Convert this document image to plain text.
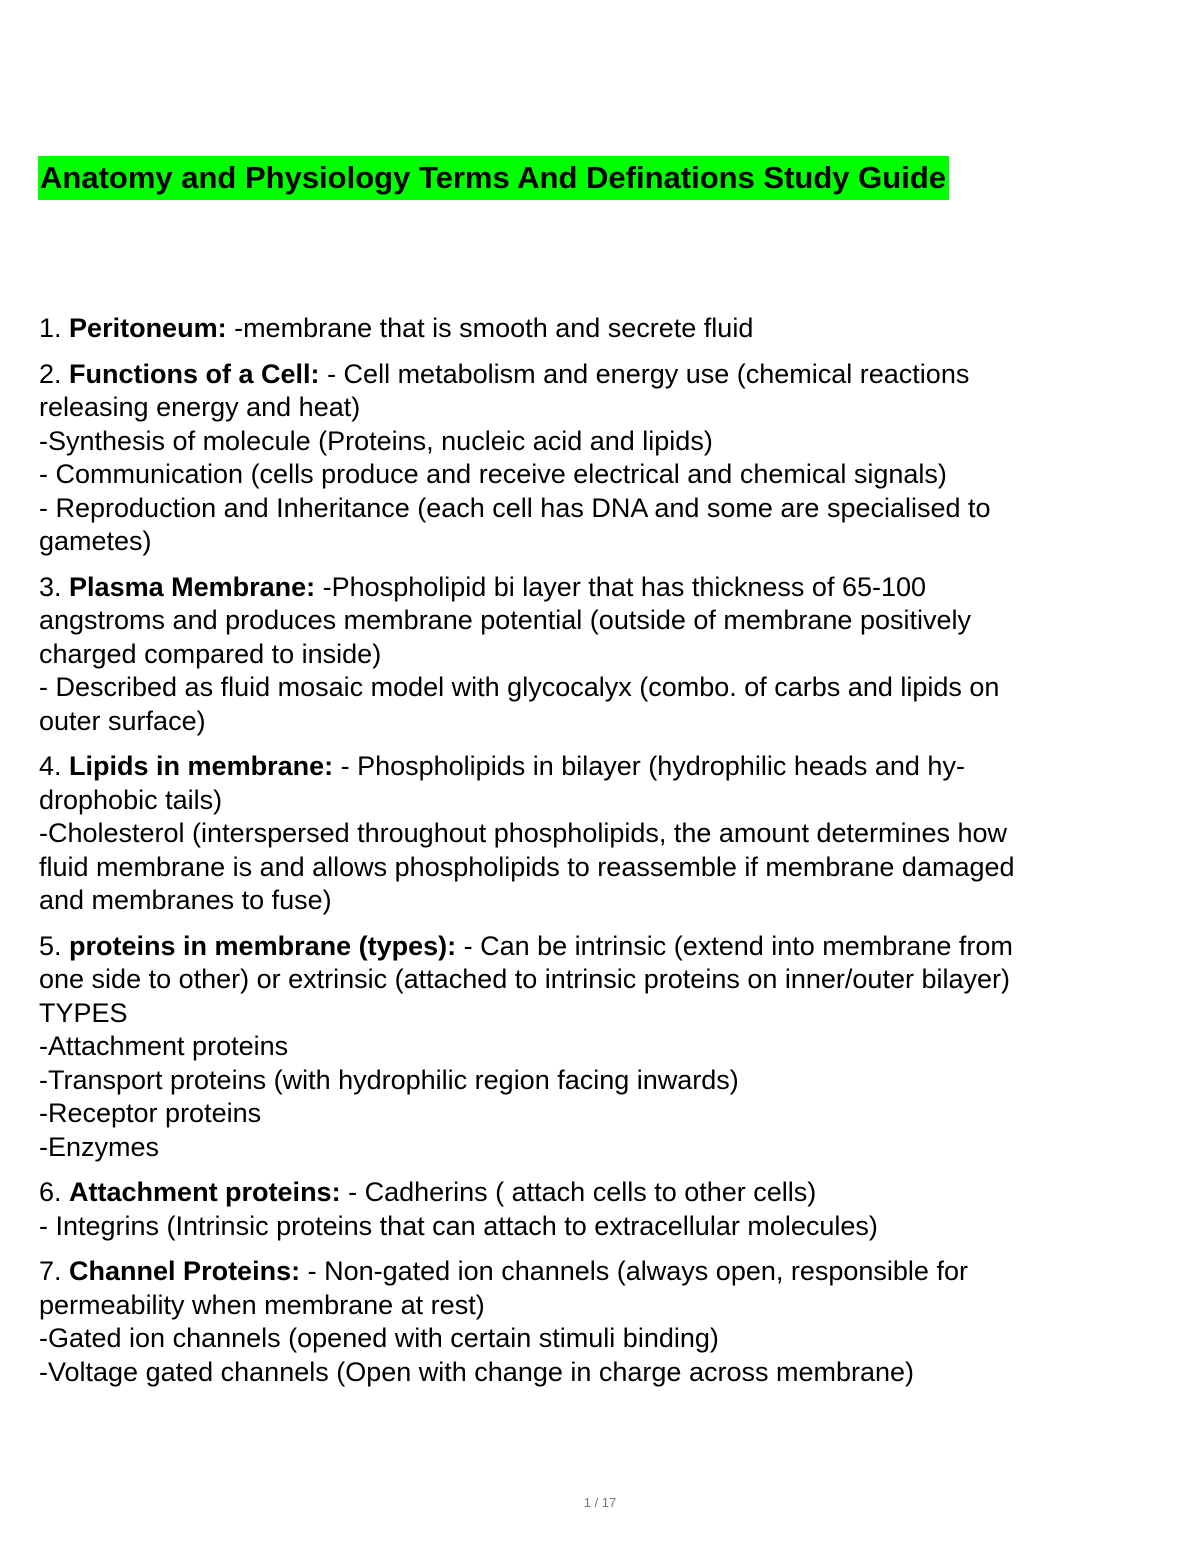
Anatomy and Physiology Terms And Definations Study Guide
1. Peritoneum: -membrane that is smooth and secrete fluid
2. Functions of a Cell: - Cell metabolism and energy use (chemical reactions
releasing energy and heat)
-Synthesis of molecule (Proteins, nucleic acid and lipids)
- Communication (cells produce and receive electrical and chemical signals)
- Reproduction and Inheritance (each cell has DNA and some are specialised to
gametes)
3. Plasma Membrane: -Phospholipid bi layer that has thickness of 65-100
angstroms and produces membrane potential (outside of membrane positively
charged compared to inside)
- Described as fluid mosaic model with glycocalyx (combo. of carbs and lipids on
outer surface)
4. Lipids in membrane: - Phospholipids in bilayer (hydrophilic heads and hy-
drophobic tails)
-Cholesterol (interspersed throughout phospholipids, the amount determines how
fluid membrane is and allows phospholipids to reassemble if membrane damaged
and membranes to fuse)
5. proteins in membrane (types): - Can be intrinsic (extend into membrane from
one side to other) or extrinsic (attached to intrinsic proteins on inner/outer bilayer)
TYPES
-Attachment proteins
-Transport proteins (with hydrophilic region facing inwards)
-Receptor proteins
-Enzymes
6. Attachment proteins: - Cadherins ( attach cells to other cells)
- Integrins (Intrinsic proteins that can attach to extracellular molecules)
7. Channel Proteins: - Non-gated ion channels (always open, responsible for
permeability when membrane at rest)
-Gated ion channels (opened with certain stimuli binding)
-Voltage gated channels (Open with change in charge across membrane)
1 / 17
